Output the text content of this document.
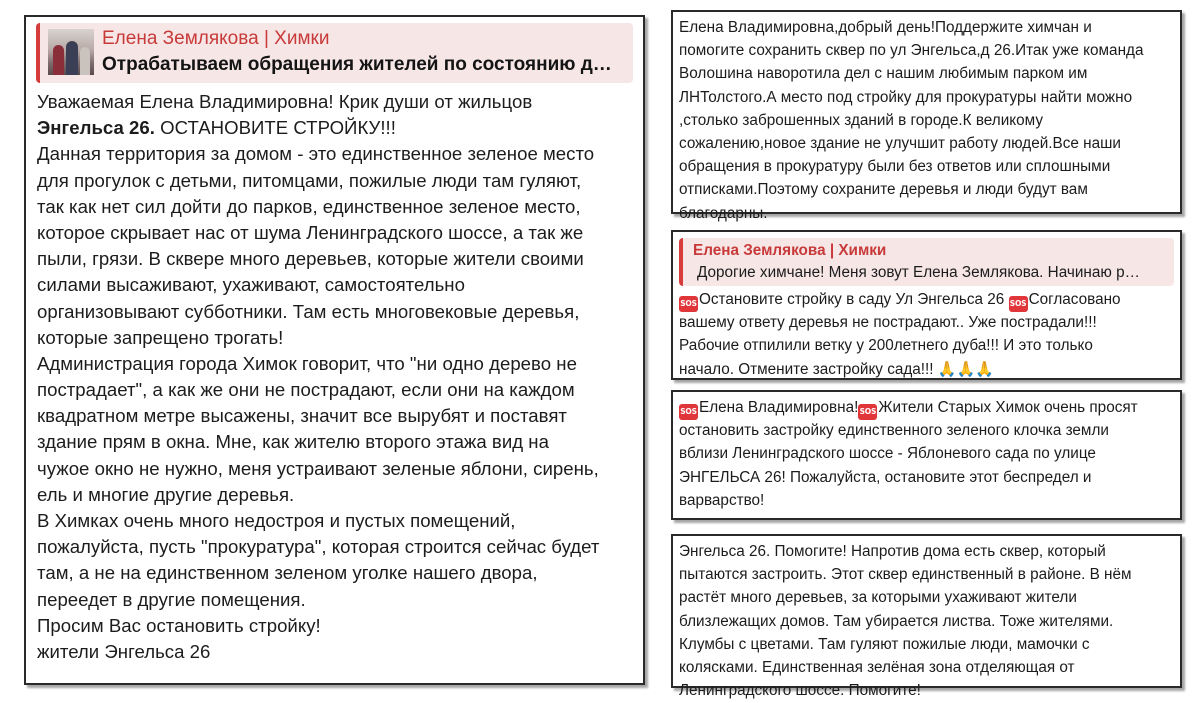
Елена Землякова | Химки
Отрабатываем обращения жителей по состоянию д…
Уважаемая Елена Владимировна! Крик души от жильцов
Энгельса 26. ОСТАНОВИТЕ СТРОЙКУ!!!
Данная территория за домом - это единственное зеленое место
для прогулок с детьми, питомцами, пожилые люди там гуляют,
так как нет сил дойти до парков, единственное зеленое место,
которое скрывает нас от шума Ленинградского шоссе, а так же
пыли, грязи. В сквере много деревьев, которые жители своими
силами высаживают, ухаживают, самостоятельно
организовывают субботники. Там есть многовековые деревья,
которые запрещено трогать!
Администрация города Химок говорит, что "ни одно дерево не
пострадает", а как же они не пострадают, если они на каждом
квадратном метре высажены, значит все вырубят и поставят
здание прям в окна. Мне, как жителю второго этажа вид на
чужое окно не нужно, меня устраивают зеленые яблони, сирень,
ель и многие другие деревья.
В Химках очень много недостроя и пустых помещений,
пожалуйста, пусть "прокуратура", которая строится сейчас будет
там, а не на единственном зеленом уголке нашего двора,
переедет в другие помещения.
Просим Вас остановить стройку!
жители Энгельса 26
Елена Владимировна,добрый день!Поддержите химчан и
помогите сохранить сквер по ул Энгельса,д 26.Итак уже команда
Волошина наворотила дел с нашим любимым парком им
ЛНТолстого.А место под стройку для прокуратуры найти можно
,столько заброшенных зданий в городе.К великому
сожалению,новое здание не улучшит работу людей.Все наши
обращения в прокуратуру были без ответов или сплошными
отписками.Поэтому сохраните деревья и люди будут вам
благодарны.
Елена Землякова | Химки
Дорогие химчане! Меня зовут Елена Землякова. Начинаю р…
SOS Остановите стройку в саду Ул Энгельса 26 SOS Согласовано
вашему ответу деревья не пострадают.. Уже пострадали!!!
Рабочие отпилили ветку у 200летнего дуба!!! И это только
начало. Отмените застройку сада!!! 🙏🙏🙏
SOS Елена Владимировна!SOS Жители Старых Химок очень просят
остановить застройку единственного зеленого клочка земли
вблизи Ленинградского шоссе - Яблоневого сада по улице
ЭНГЕЛЬСА 26! Пожалуйста, остановите этот беспредел и
варварство!
Энгельса 26. Помогите! Напротив дома есть сквер, который
пытаются застроить. Этот сквер единственный в районе. В нём
растёт много деревьев, за которыми ухаживают жители
близлежащих домов. Там убирается листва. Тоже жителями.
Клумбы с цветами. Там гуляют пожилые люди, мамочки с
колясками. Единственная зелёная зона отделяющая от
Ленинградского шоссе. Помогите!
